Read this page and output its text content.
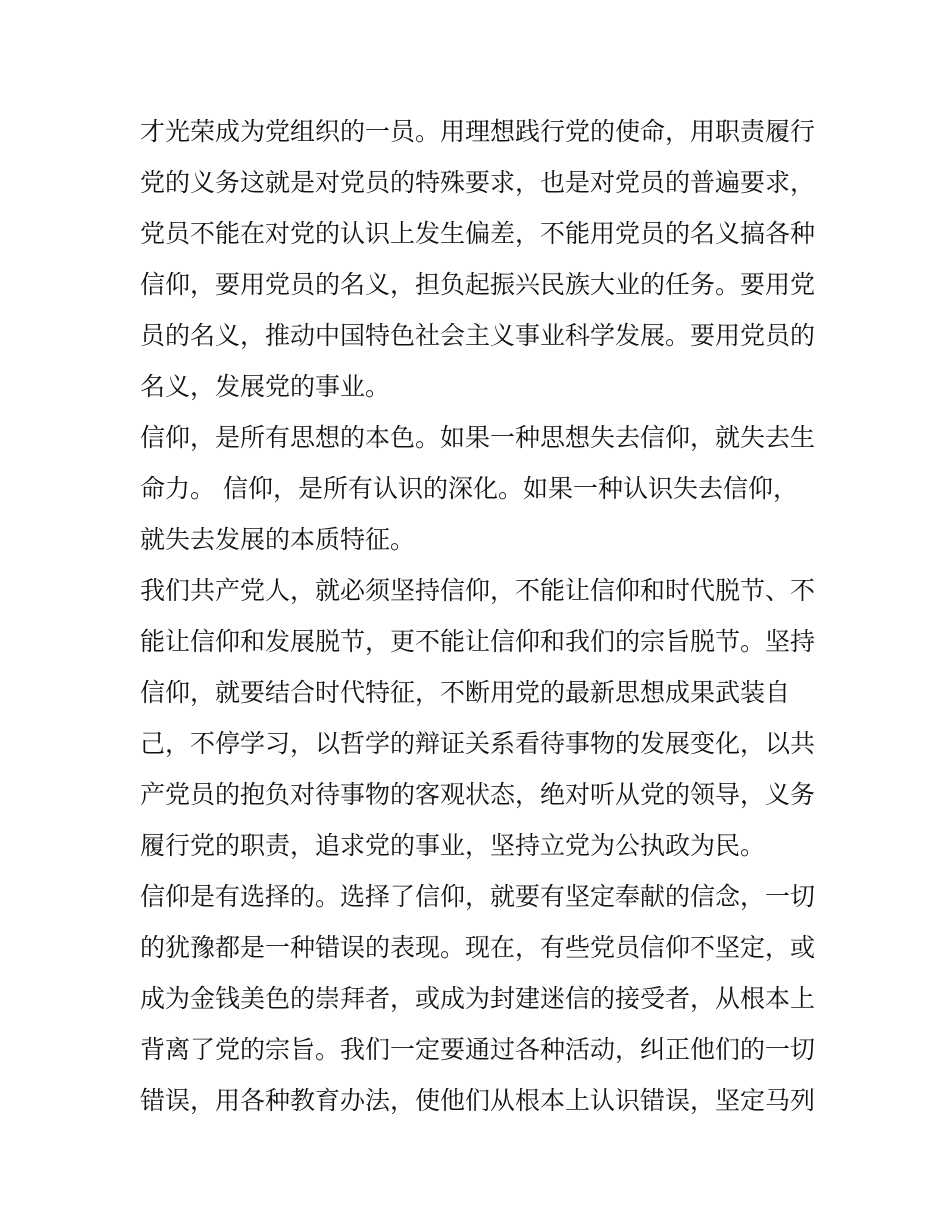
才光荣成为党组织的一员。用理想践行党的使命，用职责履行
党的义务这就是对党员的特殊要求，也是对党员的普遍要求，
党员不能在对党的认识上发生偏差，不能用党员的名义搞各种
信仰，要用党员的名义，担负起振兴民族大业的任务。要用党
员的名义，推动中国特色社会主义事业科学发展。要用党员的
名义，发展党的事业。
信仰，是所有思想的本色。如果一种思想失去信仰，就失去生
命力。 信仰，是所有认识的深化。如果一种认识失去信仰，
就失去发展的本质特征。
我们共产党人，就必须坚持信仰，不能让信仰和时代脱节、不
能让信仰和发展脱节，更不能让信仰和我们的宗旨脱节。坚持
信仰，就要结合时代特征，不断用党的最新思想成果武装自
己，不停学习，以哲学的辩证关系看待事物的发展变化，以共
产党员的抱负对待事物的客观状态，绝对听从党的领导，义务
履行党的职责，追求党的事业，坚持立党为公执政为民。
信仰是有选择的。选择了信仰，就要有坚定奉献的信念，一切
的犹豫都是一种错误的表现。现在，有些党员信仰不坚定，或
成为金钱美色的崇拜者，或成为封建迷信的接受者，从根本上
背离了党的宗旨。我们一定要通过各种活动，纠正他们的一切
错误，用各种教育办法，使他们从根本上认识错误，坚定马列
